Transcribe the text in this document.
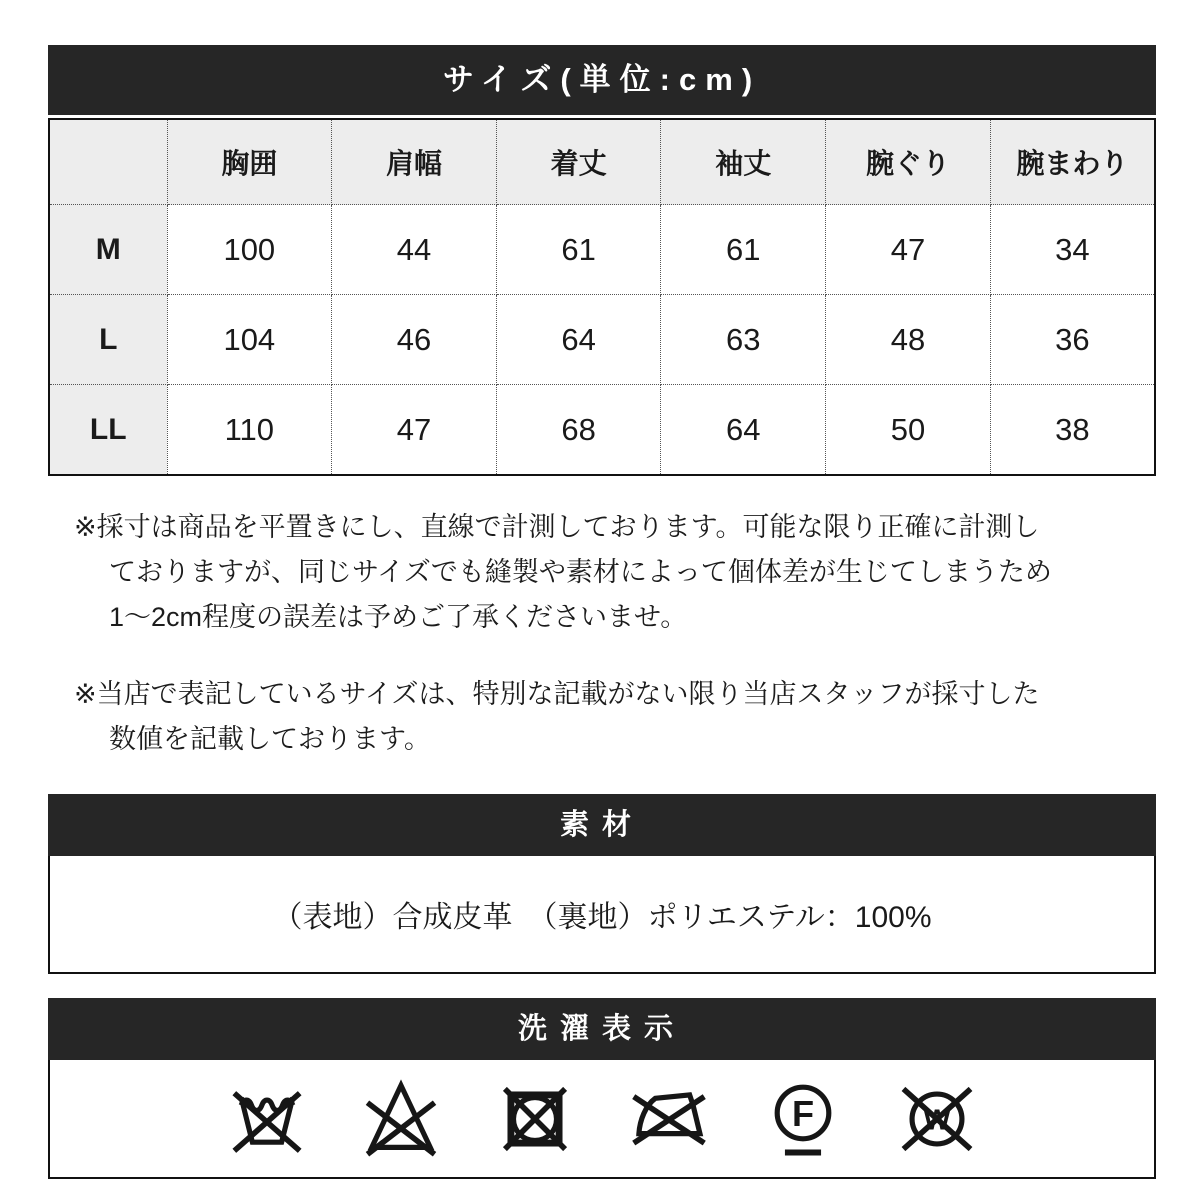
サイズ(単位:cm)
	胸囲	肩幅	着丈	袖丈	腕ぐり	腕まわり
M	100	44	61	61	47	34
L	104	46	64	63	48	36
LL	110	47	68	64	50	38
※採寸は商品を平置きにし、直線で計測しております。可能な限り正確に計測し
ておりますが、同じサイズでも縫製や素材によって個体差が生じてしまうため
1～2cm程度の誤差は予めご了承くださいませ。
※当店で表記しているサイズは、特別な記載がない限り当店スタッフが採寸した
数値を記載しております。
素材
（表地）合成皮革　（裏地）ポリエステル：100%
洗濯表示
F	W
